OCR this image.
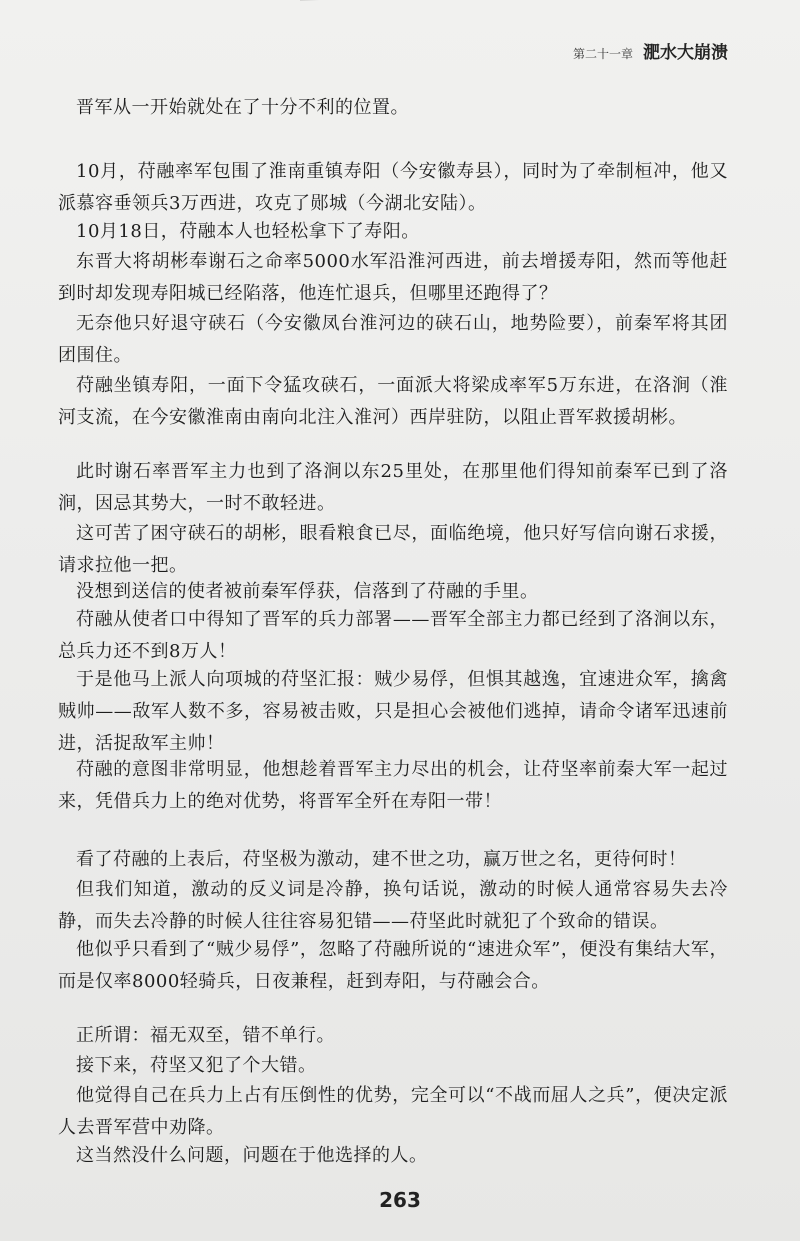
第二十一章 淝水大崩溃

晋军从一开始就处在了十分不利的位置。

10月，苻融率军包围了淮南重镇寿阳（今安徽寿县），同时为了牵制桓冲，他又派慕容垂领兵3万西进，攻克了郧城（今湖北安陆）。

10月18日，苻融本人也轻松拿下了寿阳。

东晋大将胡彬奉谢石之命率5000水军沿淮河西进，前去增援寿阳，然而等他赶到时却发现寿阳城已经陷落，他连忙退兵，但哪里还跑得了？

无奈他只好退守硖石（今安徽凤台淮河边的硖石山，地势险要），前秦军将其团团围住。

苻融坐镇寿阳，一面下令猛攻硖石，一面派大将梁成率军5万东进，在洛涧（淮河支流，在今安徽淮南由南向北注入淮河）西岸驻防，以阻止晋军救援胡彬。

此时谢石率晋军主力也到了洛涧以东25里处，在那里他们得知前秦军已到了洛涧，因忌其势大，一时不敢轻进。

这可苦了困守硖石的胡彬，眼看粮食已尽，面临绝境，他只好写信向谢石求援，请求拉他一把。

没想到送信的使者被前秦军俘获，信落到了苻融的手里。

苻融从使者口中得知了晋军的兵力部署——晋军全部主力都已经到了洛涧以东，总兵力还不到8万人！

于是他马上派人向项城的苻坚汇报：贼少易俘，但惧其越逸，宜速进众军，擒禽贼帅——敌军人数不多，容易被击败，只是担心会被他们逃掉，请命令诸军迅速前进，活捉敌军主帅！

苻融的意图非常明显，他想趁着晋军主力尽出的机会，让苻坚率前秦大军一起过来，凭借兵力上的绝对优势，将晋军全歼在寿阳一带！

看了苻融的上表后，苻坚极为激动，建不世之功，赢万世之名，更待何时！

但我们知道，激动的反义词是冷静，换句话说，激动的时候人通常容易失去冷静，而失去冷静的时候人往往容易犯错——苻坚此时就犯了个致命的错误。

他似乎只看到了“贼少易俘”，忽略了苻融所说的“速进众军”，便没有集结大军，而是仅率8000轻骑兵，日夜兼程，赶到寿阳，与苻融会合。

正所谓：福无双至，错不单行。

接下来，苻坚又犯了个大错。

他觉得自己在兵力上占有压倒性的优势，完全可以“不战而屈人之兵”，便决定派人去晋军营中劝降。

这当然没什么问题，问题在于他选择的人。

263
